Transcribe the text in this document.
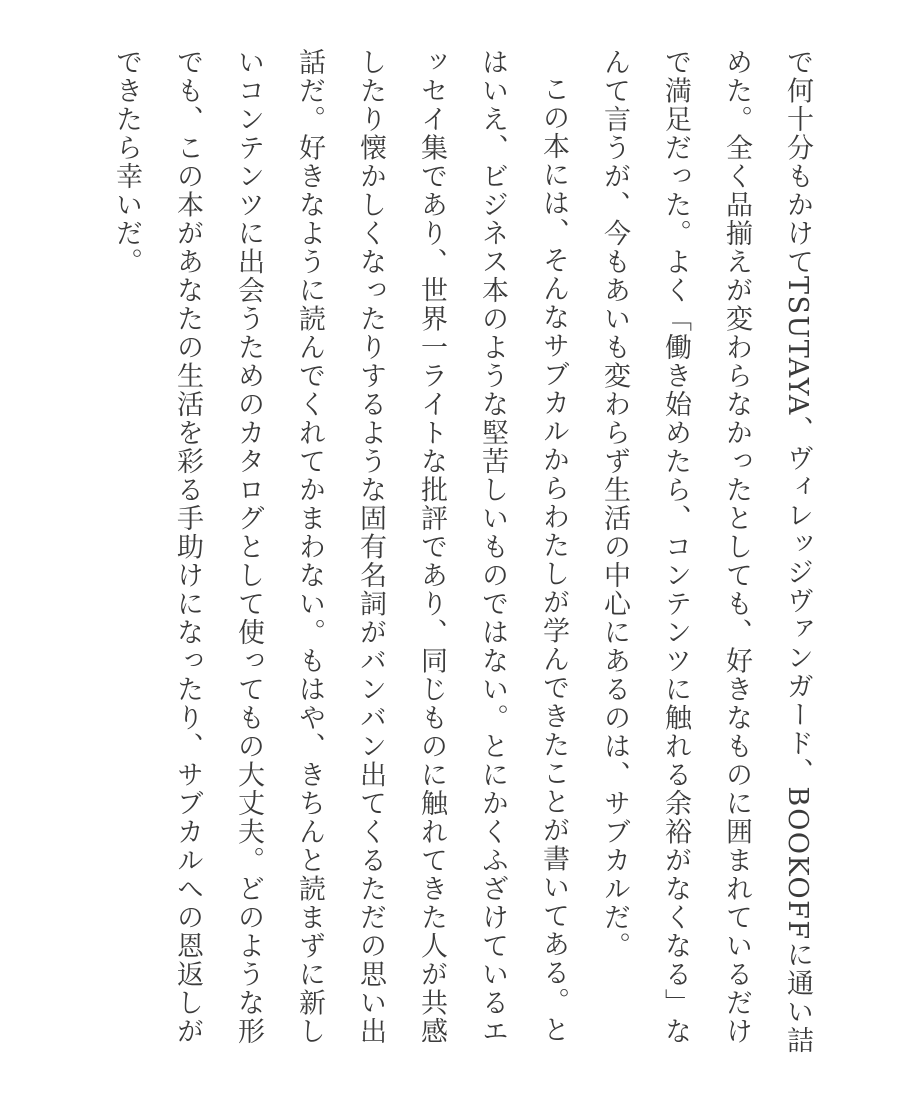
で何十分もかけてTSUTAYA、ヴィレッジヴァンガード、BOOKOFFに通い詰めた。全く品揃えが変わらなかったとしても、好きなものに囲まれているだけで満足だった。よく「働き始めたら、コンテンツに触れる余裕がなくなる」なんて言うが、今もあいも変わらず生活の中心にあるのは、サブカルだ。

この本には、そんなサブカルからわたしが学んできたことが書いてある。とはいえ、ビジネス本のような堅苦しいものではない。とにかくふざけているエッセイ集であり、世界一ライトな批評であり、同じものに触れてきた人が共感したり懐かしくなったりするような固有名詞がバンバン出てくるただの思い出話だ。好きなように読んでくれてかまわない。もはや、きちんと読まずに新しいコンテンツに出会うためのカタログとして使ってもの大丈夫。どのような形でも、この本があなたの生活を彩る手助けになったり、サブカルへの恩返しができたら幸いだ。
